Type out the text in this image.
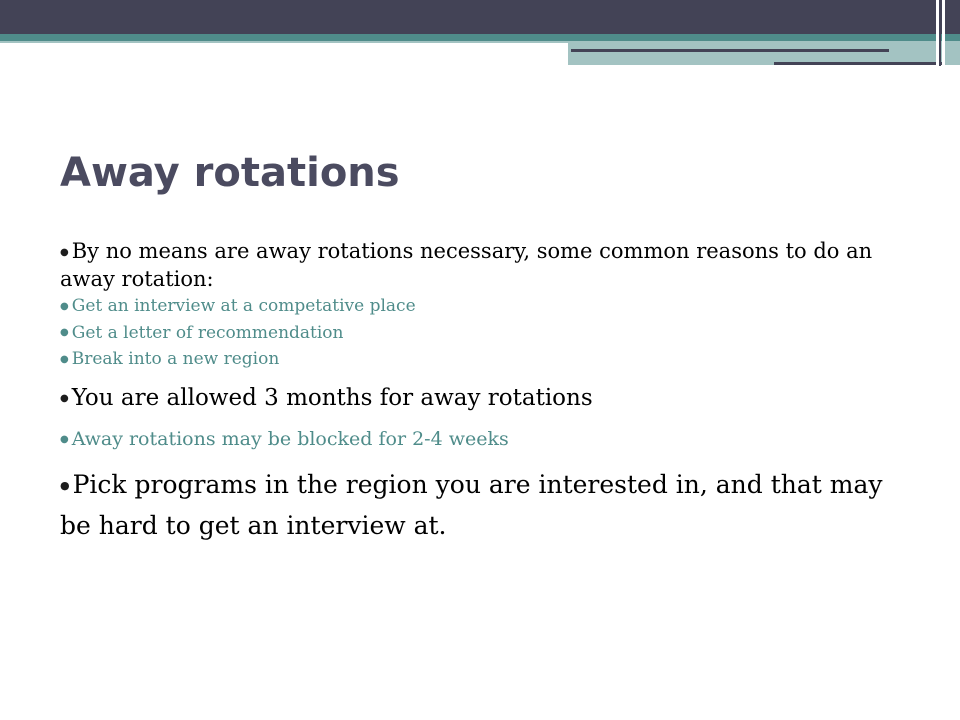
Away rotations

● By no means are away rotations necessary, some common reasons to do an away rotation:

● Get an interview at a competative place

● Get a letter of recommendation

● Break into a new region

● You are allowed 3 months for away rotations

● Away rotations may be blocked for 2-4 weeks

● Pick programs in the region you are interested in, and that may be hard to get an interview at.
